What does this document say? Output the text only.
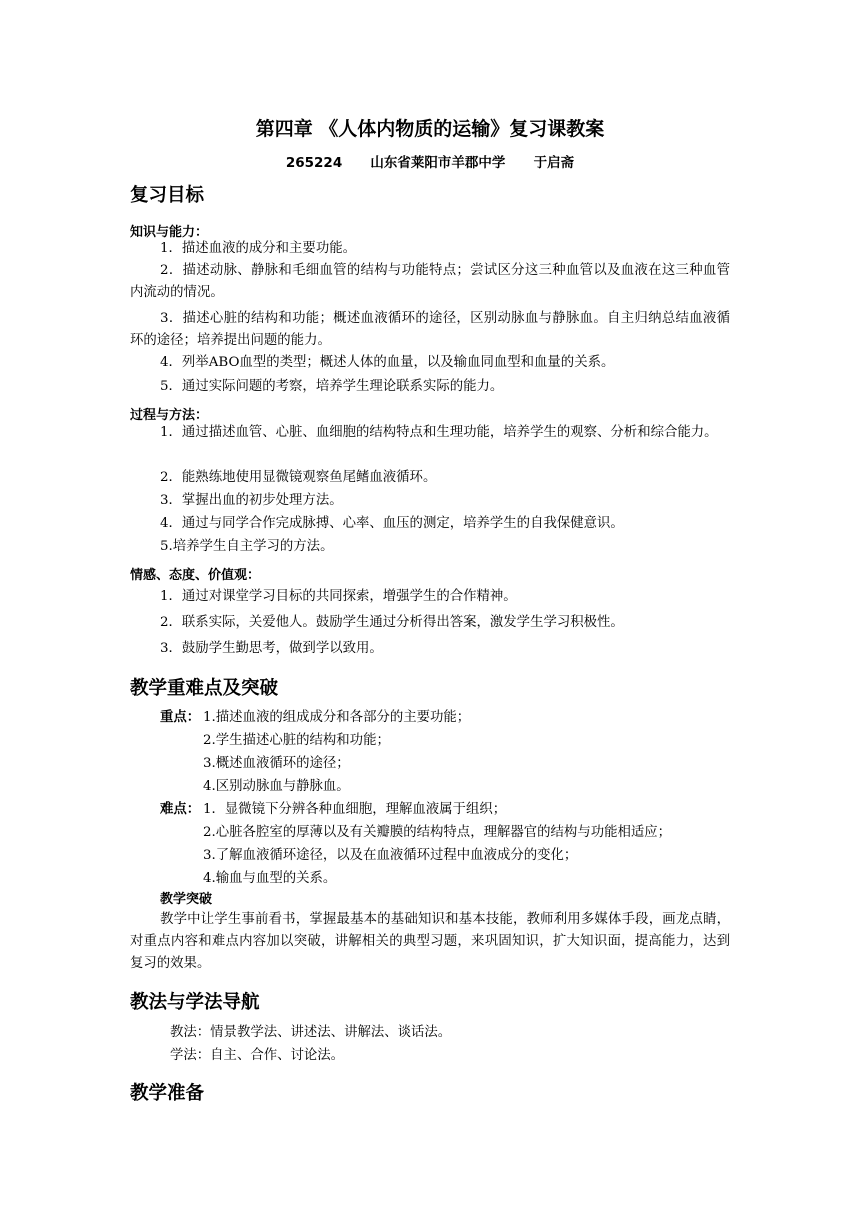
第四章 《人体内物质的运输》复习课教案
265224      山东省莱阳市羊郡中学      于启斋
复习目标
知识与能力：
1．描述血液的成分和主要功能。
2．描述动脉、静脉和毛细血管的结构与功能特点；尝试区分这三种血管以及血液在这三种血管内流动的情况。
3．描述心脏的结构和功能；概述血液循环的途径，区别动脉血与静脉血。自主归纳总结血液循环的途径；培养提出问题的能力。
4．列举ABO血型的类型；概述人体的血量，以及输血同血型和血量的关系。
5．通过实际问题的考察，培养学生理论联系实际的能力。
过程与方法：
1．通过描述血管、心脏、血细胞的结构特点和生理功能，培养学生的观察、分析和综合能力。
2．能熟练地使用显微镜观察鱼尾鳍血液循环。
3．掌握出血的初步处理方法。
4．通过与同学合作完成脉搏、心率、血压的测定，培养学生的自我保健意识。
5.培养学生自主学习的方法。
情感、态度、价值观：
1．通过对课堂学习目标的共同探索，增强学生的合作精神。
2．联系实际，关爱他人。鼓励学生通过分析得出答案，激发学生学习积极性。
3．鼓励学生勤思考，做到学以致用。
教学重难点及突破
重点： 1.描述血液的组成成分和各部分的主要功能；
2.学生描述心脏的结构和功能；
3.概述血液循环的途径；
4.区别动脉血与静脉血。
难点： 1．显微镜下分辨各种血细胞，理解血液属于组织；
2.心脏各腔室的厚薄以及有关瓣膜的结构特点，理解器官的结构与功能相适应；
3.了解血液循环途径，以及在血液循环过程中血液成分的变化；
4.输血与血型的关系。
教学突破
教学中让学生事前看书，掌握最基本的基础知识和基本技能，教师利用多媒体手段，画龙点睛，对重点内容和难点内容加以突破，讲解相关的典型习题，来巩固知识，扩大知识面，提高能力，达到复习的效果。
教法与学法导航
教法：情景教学法、讲述法、讲解法、谈话法。
学法：自主、合作、讨论法。
教学准备
